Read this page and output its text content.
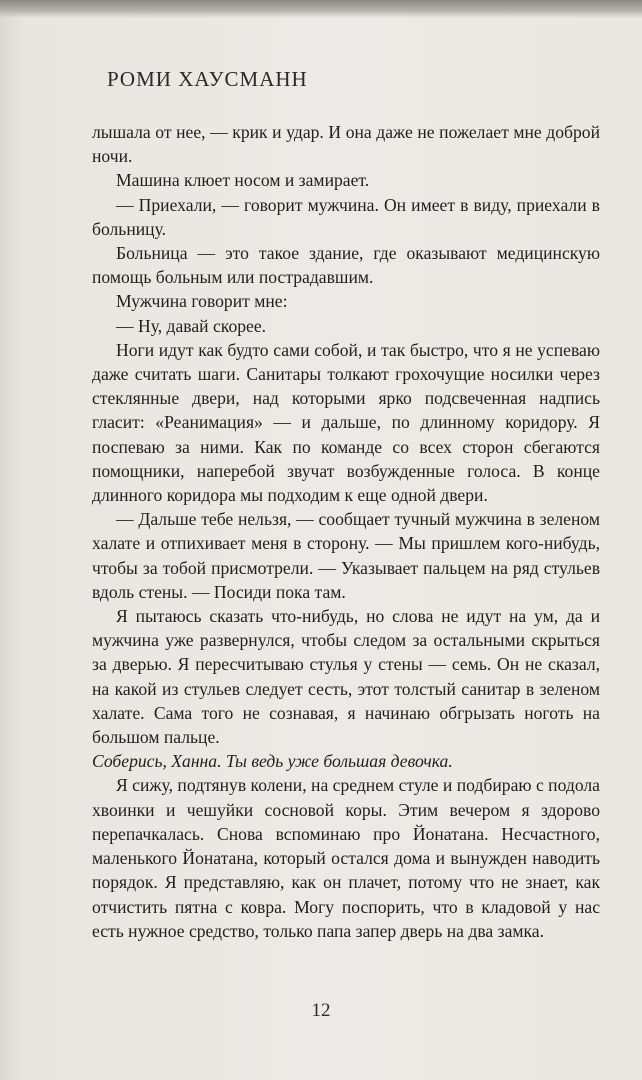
РОМИ ХАУСМАНН

лышала от нее, — крик и удар. И она даже не пожелает мне доброй ночи.

Машина клюет носом и замирает.

— Приехали, — говорит мужчина. Он имеет в виду, приехали в больницу.

Больница — это такое здание, где оказывают медицинскую помощь больным или пострадавшим.

Мужчина говорит мне:

— Ну, давай скорее.

Ноги идут как будто сами собой, и так быстро, что я не успеваю даже считать шаги. Санитары толкают грохочущие носилки через стеклянные двери, над которыми ярко подсвеченная надпись гласит: «Реанимация» — и дальше, по длинному коридору. Я поспеваю за ними. Как по команде со всех сторон сбегаются помощники, наперебой звучат возбужденные голоса. В конце длинного коридора мы подходим к еще одной двери.

— Дальше тебе нельзя, — сообщает тучный мужчина в зеленом халате и отпихивает меня в сторону. — Мы пришлем кого-нибудь, чтобы за тобой присмотрели. — Указывает пальцем на ряд стульев вдоль стены. — Посиди пока там.

Я пытаюсь сказать что-нибудь, но слова не идут на ум, да и мужчина уже развернулся, чтобы следом за остальными скрыться за дверью. Я пересчитываю стулья у стены — семь. Он не сказал, на какой из стульев следует сесть, этот толстый санитар в зеленом халате. Сама того не сознавая, я начинаю обгрызать ноготь на большом пальце.

Соберись, Ханна. Ты ведь уже большая девочка.

Я сижу, подтянув колени, на среднем стуле и подбираю с подола хвоинки и чешуйки сосновой коры. Этим вечером я здорово перепачкалась. Снова вспоминаю про Йонатана. Несчастного, маленького Йонатана, который остался дома и вынужден наводить порядок. Я представляю, как он плачет, потому что не знает, как отчистить пятна с ковра. Могу поспорить, что в кладовой у нас есть нужное средство, только папа запер дверь на два замка.

12
